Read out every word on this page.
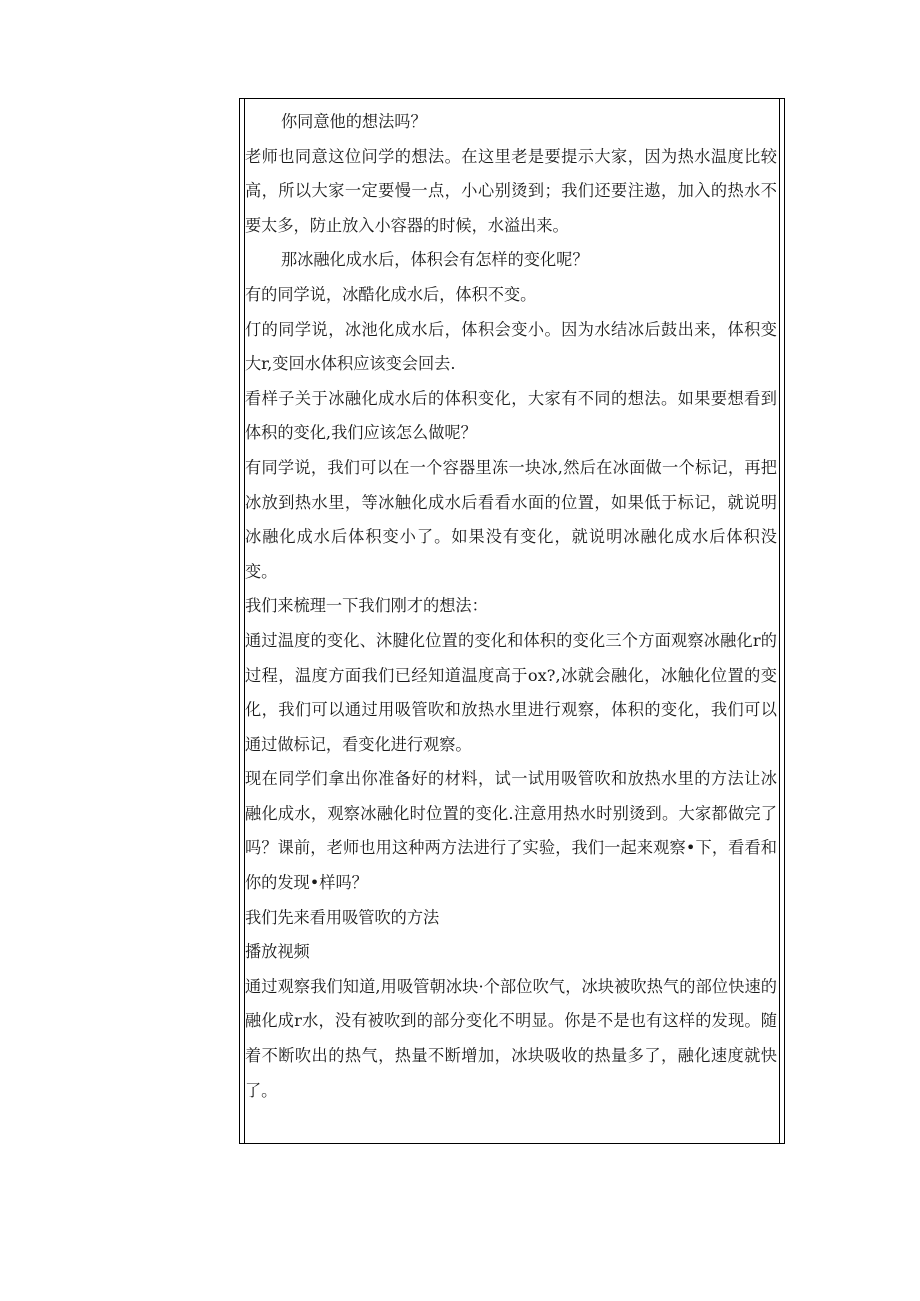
你同意他的想法吗？

老师也同意这位问学的想法。在这里老是要提示大家，因为热水温度比较高，所以大家一定要慢一点，小心别烫到；我们还要注遨，加入的热水不要太多，防止放入小容器的时候，水溢出来。

那冰融化成水后，体积会有怎样的变化呢？

有的同学说，冰酷化成水后，体积不变。

仃的同学说，冰池化成水后，体积会变小。因为水结冰后鼓出来，体积变大r,变回水体积应该变会回去.

看样子关于冰融化成水后的体积变化，大家有不同的想法。如果要想看到体积的变化,我们应该怎么做呢？

有同学说，我们可以在一个容器里冻一块冰,然后在冰面做一个标记，再把冰放到热水里，等冰触化成水后看看水面的位置，如果低于标记，就说明冰融化成水后体积变小了。如果没有变化，就说明冰融化成水后体积没变。

我们来梳理一下我们刚才的想法：

通过温度的变化、沐腱化位置的变化和体积的变化三个方面观察冰融化r的过程，温度方面我们已经知道温度高于ox?,冰就会融化，冰触化位置的变化，我们可以通过用吸管吹和放热水里进行观察，体积的变化，我们可以通过做标记，看变化进行观察。

现在同学们拿出你准备好的材料，试一试用吸管吹和放热水里的方法让冰融化成水，观察冰融化时位置的变化.注意用热水时别烫到。大家都做完了吗？课前，老师也用这种两方法进行了实验，我们一起来观察•下，看看和你的发现•样吗？

我们先来看用吸管吹的方法

播放视频

通过观察我们知道,用吸管朝冰块·个部位吹气，冰块被吹热气的部位快速的融化成r水，没有被吹到的部分变化不明显。你是不是也有这样的发现。随着不断吹出的热气，热量不断增加，冰块吸收的热量多了，融化速度就快了。
